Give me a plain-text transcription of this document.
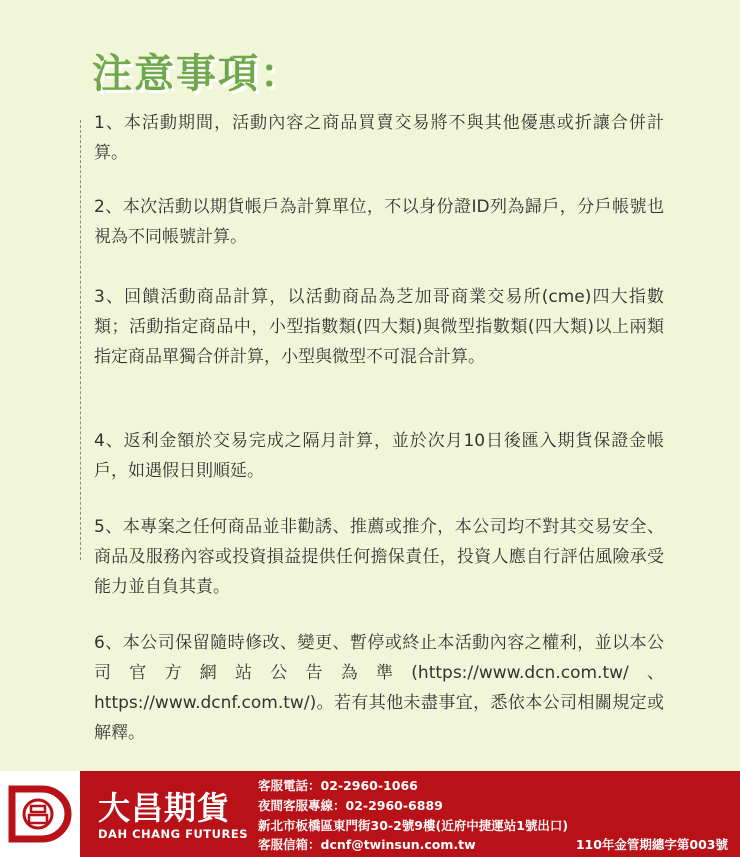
注意事項：

1、本活動期間，活動內容之商品買賣交易將不與其他優惠或折讓合併計算。

2、本次活動以期貨帳戶為計算單位，不以身份證ID列為歸戶，分戶帳號也視為不同帳號計算。

3、回饋活動商品計算，以活動商品為芝加哥商業交易所(cme)四大指數類；活動指定商品中，小型指數類(四大類)與微型指數類(四大類)以上兩類指定商品單獨合併計算，小型與微型不可混合計算。

4、返利金額於交易完成之隔月計算，並於次月10日後匯入期貨保證金帳戶，如遇假日則順延。

5、本專案之任何商品並非勸誘、推薦或推介，本公司均不對其交易安全、商品及服務內容或投資損益提供任何擔保責任，投資人應自行評估風險承受能力並自負其責。

6、本公司保留隨時修改、變更、暫停或終止本活動內容之權利，並以本公司官方網站公告為準(https://www.dcn.com.tw/、https://www.dcnf.com.tw/)。若有其他未盡事宜，悉依本公司相關規定或解釋。

大昌期貨
DAH CHANG FUTURES
客服電話：02-2960-1066
夜間客服專線：02-2960-6889
新北市板橋區東門街30-2號9樓(近府中捷運站1號出口)
客服信箱：dcnf@twinsun.com.tw	110年金管期總字第003號
